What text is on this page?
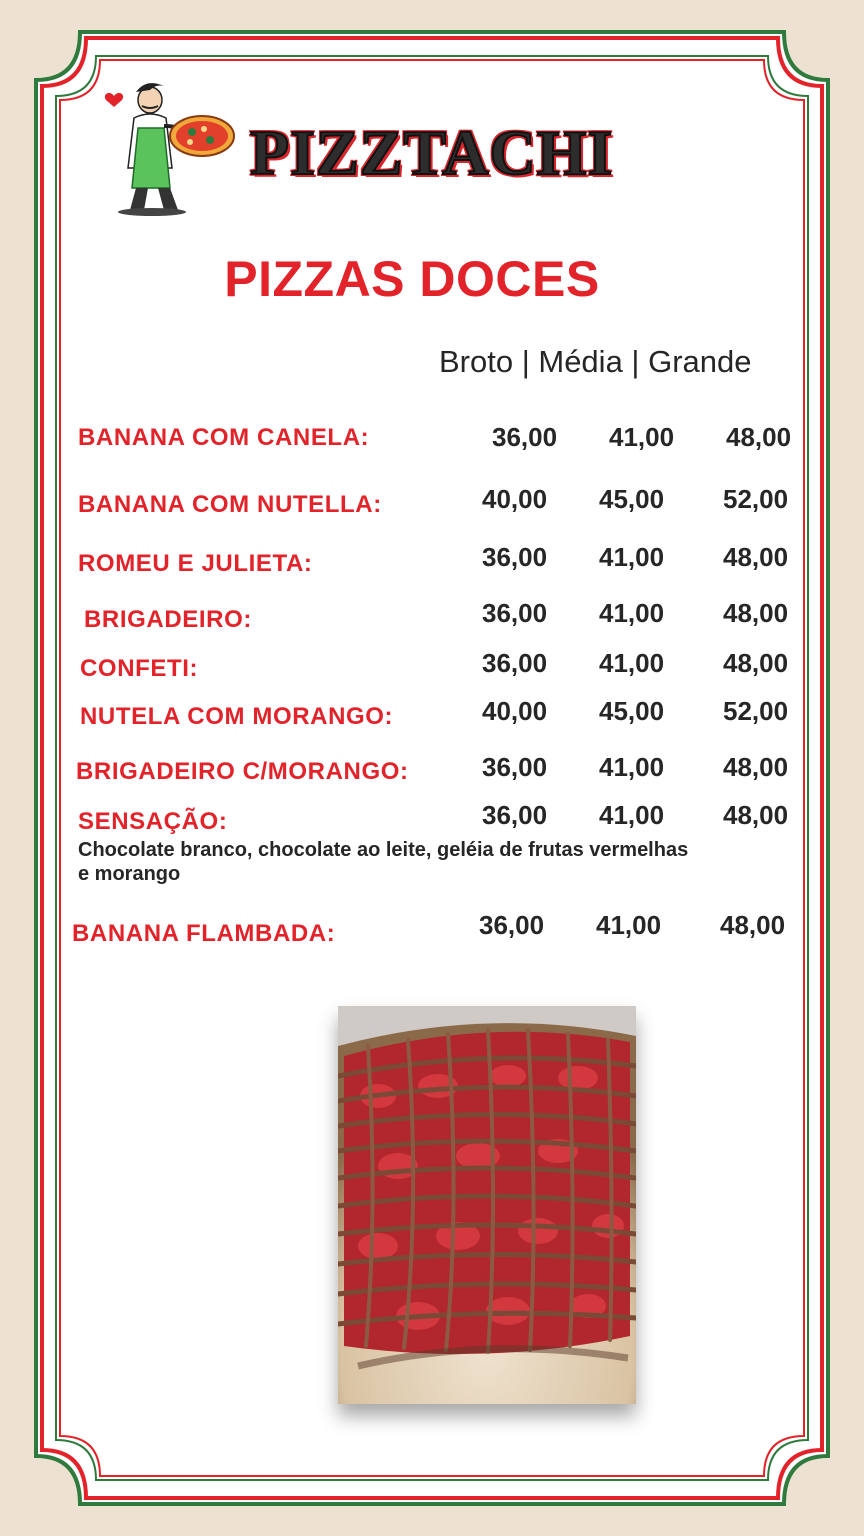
PIZZTACHI
PIZZAS DOCES
Broto | Média | Grande
BANANA COM CANELA:	36,00 41,00 48,00
BANANA COM NUTELLA:	40,00 45,00 52,00
ROMEU E JULIETA:	36,00 41,00 48,00
BRIGADEIRO:	36,00 41,00 48,00
CONFETI:	36,00 41,00 48,00
NUTELA COM MORANGO:	40,00 45,00 52,00
BRIGADEIRO C/MORANGO:	36,00 41,00 48,00
SENSAÇÃO:	36,00 41,00 48,00
Chocolate branco, chocolate ao leite, geléia de frutas vermelhas e morango
BANANA FLAMBADA:	36,00 41,00 48,00
